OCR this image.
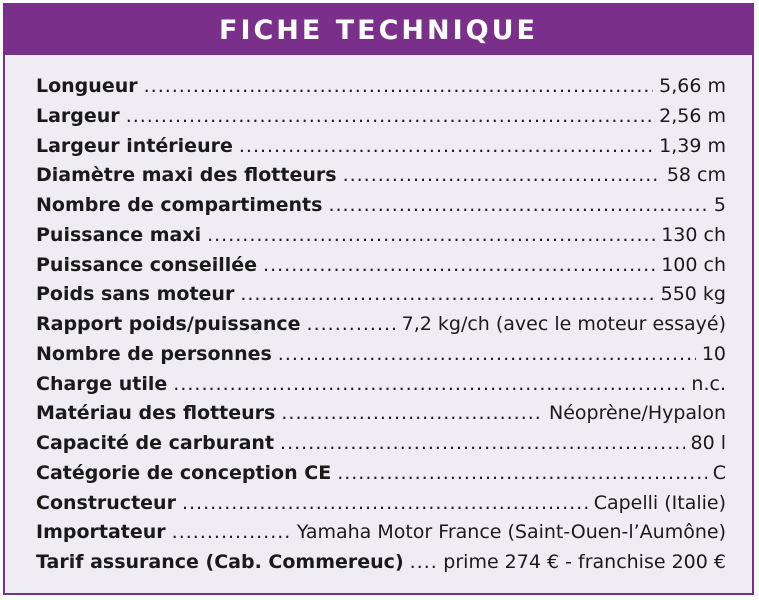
FICHE TECHNIQUE
Longueur .....	5,66 m
Largeur .....	2,56 m
Largeur intérieure .....	1,39 m
Diamètre maxi des flotteurs .....	58 cm
Nombre de compartiments .....	5
Puissance maxi .....	130 ch
Puissance conseillée .....	100 ch
Poids sans moteur .....	550 kg
Rapport poids/puissance .....	7,2 kg/ch (avec le moteur essayé)
Nombre de personnes .....	10
Charge utile .....	n.c.
Matériau des flotteurs .....	Néoprène/Hypalon
Capacité de carburant .....	80 l
Catégorie de conception CE .....	C
Constructeur .....	Capelli (Italie)
Importateur .....	Yamaha Motor France (Saint-Ouen-l’Aumône)
Tarif assurance (Cab. Commereuc) ..... prime 274 € - franchise 200 €
